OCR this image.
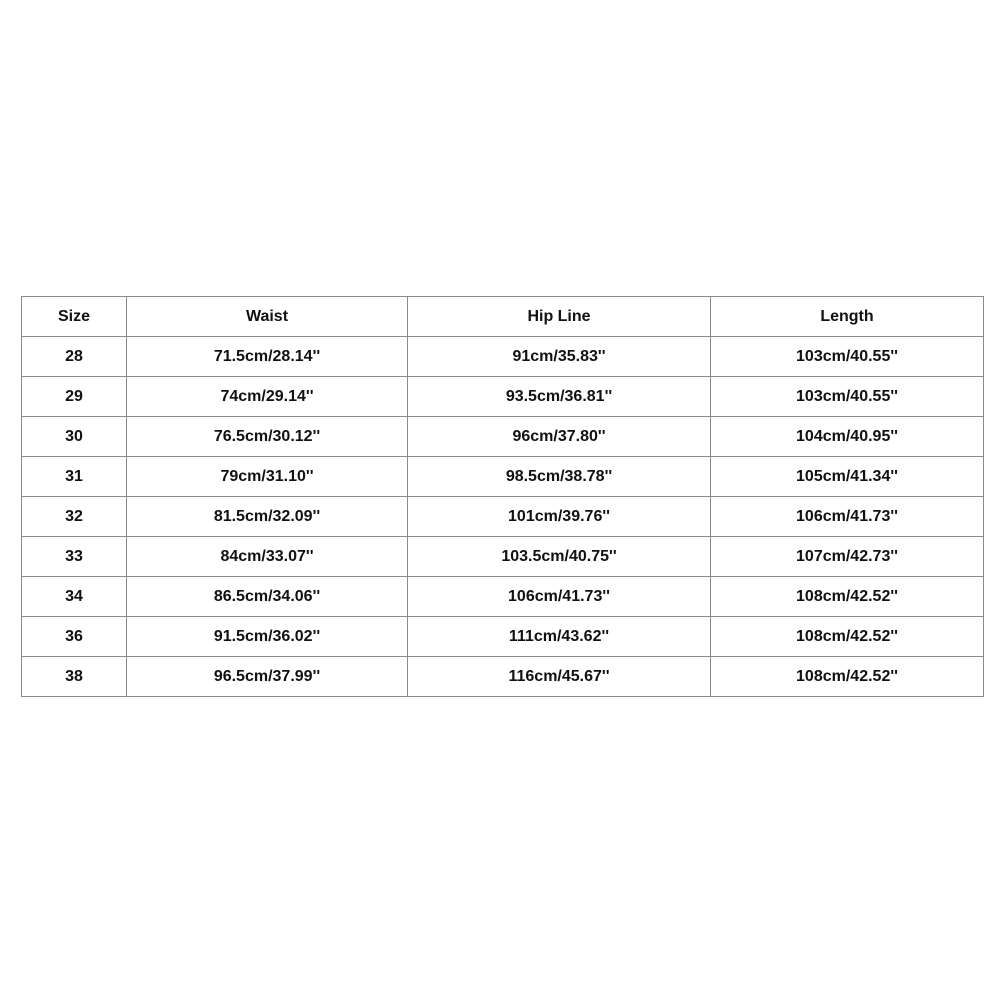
Size	Waist	Hip Line	Length
28	71.5cm/28.14''	91cm/35.83''	103cm/40.55''
29	74cm/29.14''	93.5cm/36.81''	103cm/40.55''
30	76.5cm/30.12''	96cm/37.80''	104cm/40.95''
31	79cm/31.10''	98.5cm/38.78''	105cm/41.34''
32	81.5cm/32.09''	101cm/39.76''	106cm/41.73''
33	84cm/33.07''	103.5cm/40.75''	107cm/42.73''
34	86.5cm/34.06''	106cm/41.73''	108cm/42.52''
36	91.5cm/36.02''	111cm/43.62''	108cm/42.52''
38	96.5cm/37.99''	116cm/45.67''	108cm/42.52''
